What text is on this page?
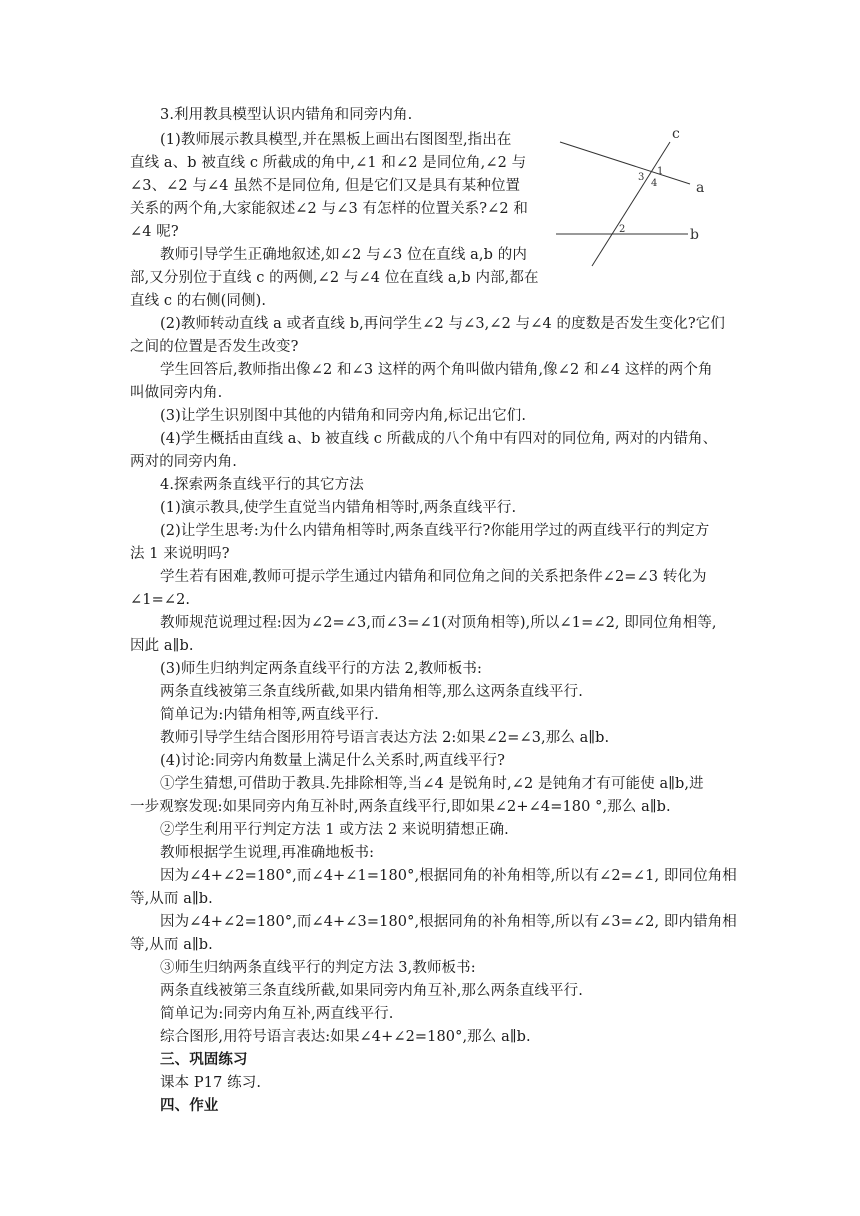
3.利用教具模型认识内错角和同旁内角.
(1)教师展示教具模型,并在黑板上画出右图图型,指出在
直线 a、b 被直线 c 所截成的角中,∠1 和∠2 是同位角,∠2 与
∠3、∠2 与∠4 虽然不是同位角, 但是它们又是具有某种位置
关系的两个角,大家能叙述∠2 与∠3 有怎样的位置关系?∠2 和
∠4 呢?
教师引导学生正确地叙述,如∠2 与∠3 位在直线 a,b 的内
部,又分别位于直线 c 的两侧,∠2 与∠4 位在直线 a,b 内部,都在
直线 c 的右侧(同侧).
(2)教师转动直线 a 或者直线 b,再问学生∠2 与∠3,∠2 与∠4 的度数是否发生变化?它们
之间的位置是否发生改变?
学生回答后,教师指出像∠2 和∠3 这样的两个角叫做内错角,像∠2 和∠4 这样的两个角
叫做同旁内角.
(3)让学生识别图中其他的内错角和同旁内角,标记出它们.
(4)学生概括由直线 a、b 被直线 c 所截成的八个角中有四对的同位角, 两对的内错角、
两对的同旁内角.
4.探索两条直线平行的其它方法
(1)演示教具,使学生直觉当内错角相等时,两条直线平行.
(2)让学生思考:为什么内错角相等时,两条直线平行?你能用学过的两直线平行的判定方
法 1 来说明吗?
学生若有困难,教师可提示学生通过内错角和同位角之间的关系把条件∠2=∠3 转化为
∠1=∠2.
教师规范说理过程:因为∠2=∠3,而∠3=∠1(对顶角相等),所以∠1=∠2, 即同位角相等,
因此 a∥b.
(3)师生归纳判定两条直线平行的方法 2,教师板书:
两条直线被第三条直线所截,如果内错角相等,那么这两条直线平行.
简单记为:内错角相等,两直线平行.
教师引导学生结合图形用符号语言表达方法 2:如果∠2=∠3,那么 a∥b.
(4)讨论:同旁内角数量上满足什么关系时,两直线平行?
①学生猜想,可借助于教具.先排除相等,当∠4 是锐角时,∠2 是钝角才有可能使 a∥b,进
一步观察发现:如果同旁内角互补时,两条直线平行,即如果∠2+∠4=180 °,那么 a∥b.
②学生利用平行判定方法 1 或方法 2 来说明猜想正确.
教师根据学生说理,再准确地板书:
因为∠4+∠2=180°,而∠4+∠1=180°,根据同角的补角相等,所以有∠2=∠1, 即同位角相
等,从而 a∥b.
因为∠4+∠2=180°,而∠4+∠3=180°,根据同角的补角相等,所以有∠3=∠2, 即内错角相
等,从而 a∥b.
③师生归纳两条直线平行的判定方法 3,教师板书:
两条直线被第三条直线所截,如果同旁内角互补,那么两条直线平行.
简单记为:同旁内角互补,两直线平行.
综合图形,用符号语言表达:如果∠4+∠2=180°,那么 a∥b.
三、巩固练习
课本 P17 练习.
四、作业
c
a
b
1
3
4
2
